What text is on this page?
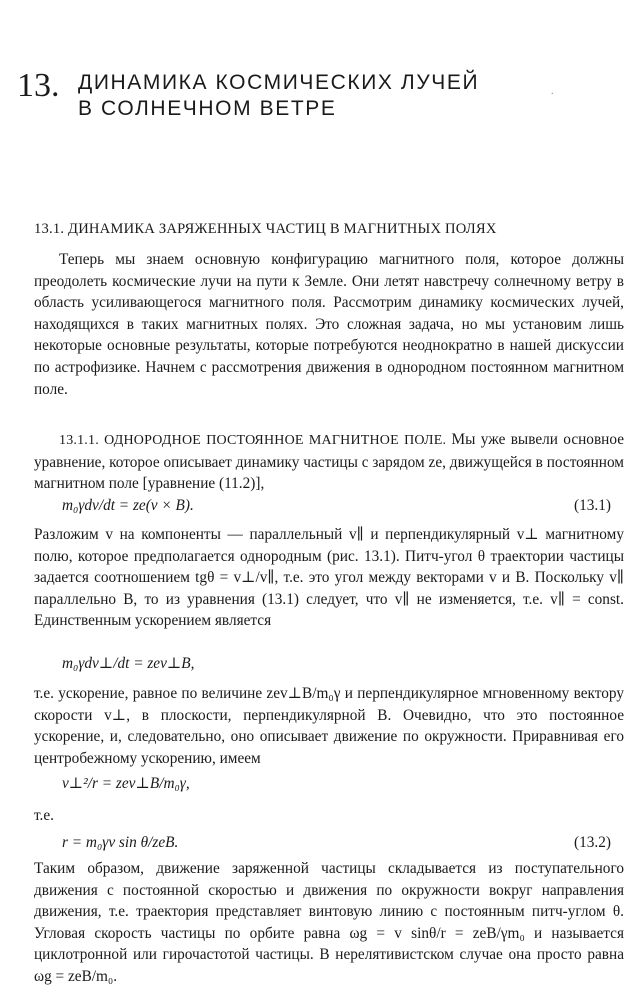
13. ДИНАМИКА КОСМИЧЕСКИХ ЛУЧЕЙ
В СОЛНЕЧНОМ ВЕТРЕ
.
13.1. ДИНАМИКА ЗАРЯЖЕННЫХ ЧАСТИЦ В МАГНИТНЫХ ПОЛЯХ

Теперь мы знаем основную конфигурацию магнитного поля, которое должны преодолеть космические лучи на пути к Земле. Они летят навстречу солнечному ветру в область усиливающегося магнитного поля. Рассмотрим динамику космических лучей, находящихся в таких магнитных полях. Это сложная задача, но мы установим лишь некоторые основные результаты, которые потребуются неоднократно в нашей дискуссии по астрофизике. Начнем с рассмотрения движения в однородном постоянном магнитном поле.

13.1.1. ОДНОРОДНОЕ ПОСТОЯННОЕ МАГНИТНОЕ ПОЛЕ. Мы уже вывели основное уравнение, которое описывает динамику частицы с зарядом ze, движущейся в постоянном магнитном поле [уравнение (11.2)],

m₀γdv/dt = ze(v × B).	(13.1)

Разложим v на компоненты — параллельный v∥ и перпендикулярный v⊥ магнитному полю, которое предполагается однородным (рис. 13.1). Питч-угол θ траектории частицы задается соотношением tgθ = v⊥/v∥, т.е. это угол между векторами v и B. Поскольку v∥ параллельно B, то из уравнения (13.1) следует, что v∥ не изменяется, т.е. v∥ = const. Единственным ускорением является

m₀γdv⊥/dt = zev⊥B,

т.е. ускорение, равное по величине zev⊥B/m₀γ и перпендикулярное мгновенному вектору скорости v⊥, в плоскости, перпендикулярной B. Очевидно, что это постоянное ускорение, и, следовательно, оно описывает движение по окружности. Приравнивая его центробежному ускорению, имеем

v⊥²/r = zev⊥B/m₀γ,
т.е.
r = m₀γv sin θ/zeB.	(13.2)

Таким образом, движение заряженной частицы складывается из поступательного движения с постоянной скоростью и движения по окружности вокруг направления движения, т.е. траектория представляет винтовую линию с постоянным питч-углом θ. Угловая скорость частицы по орбите равна ωg = v sinθ/r = zeB/γm₀ и называется циклотронной или гирочастотой частицы. В нерелятивистском случае она просто равна ωg = zeB/m₀.
